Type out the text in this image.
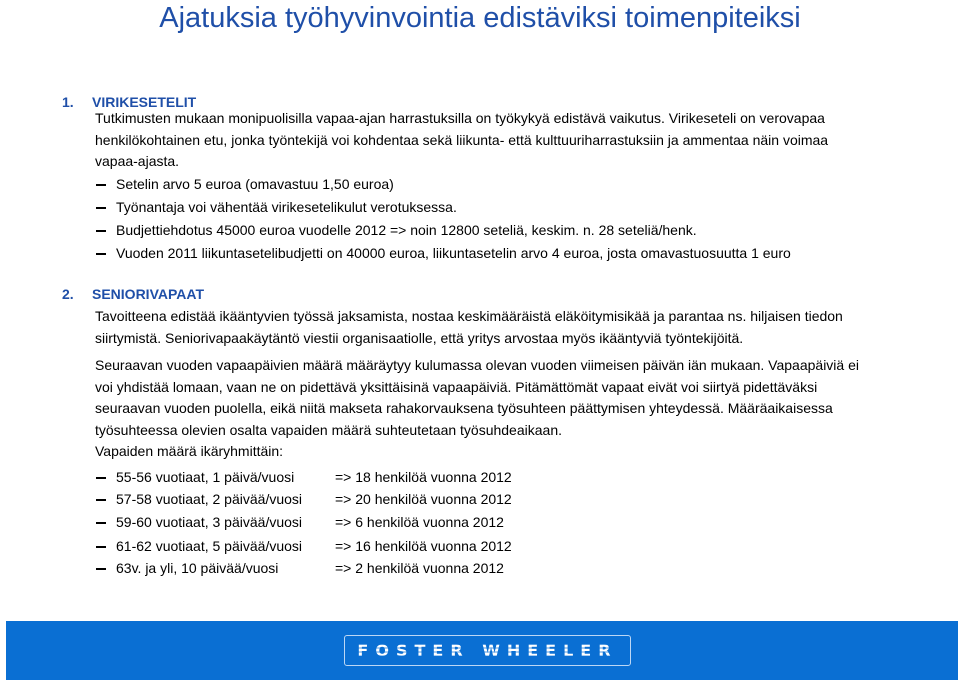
Ajatuksia työhyvinvointia edistäviksi toimenpiteiksi
1. VIRIKESETELIT
Tutkimusten mukaan monipuolisilla vapaa-ajan harrastuksilla on työkykyä edistävä vaikutus. Virikeseteli on verovapaa
henkilökohtainen etu, jonka työntekijä voi kohdentaa sekä liikunta- että kulttuuriharrastuksiin ja ammentaa näin voimaa
vapaa-ajasta.
Setelin arvo 5 euroa (omavastuu 1,50 euroa)
Työnantaja voi vähentää virikesetelikulut verotuksessa.
Budjettiehdotus 45000 euroa vuodelle 2012 => noin 12800 seteliä, keskim. n. 28 seteliä/henk.
Vuoden 2011 liikuntasetelibudjetti on 40000 euroa, liikuntasetelin arvo 4 euroa, josta omavastuosuutta 1 euro
2. SENIORIVAPAAT
Tavoitteena edistää ikääntyvien työssä jaksamista, nostaa keskimääräistä eläköitymisikää ja parantaa ns. hiljaisen tiedon
siirtymistä. Seniorivapaakäytäntö viestii organisaatiolle, että yritys arvostaa myös ikääntyviä työntekijöitä.
Seuraavan vuoden vapaapäivien määrä määräytyy kulumassa olevan vuoden viimeisen päivän iän mukaan. Vapaapäiviä ei
voi yhdistää lomaan, vaan ne on pidettävä yksittäisinä vapaapäiviä. Pitämättömät vapaat eivät voi siirtyä pidettäväksi
seuraavan vuoden puolella, eikä niitä makseta rahakorvauksena työsuhteen päättymisen yhteydessä. Määräaikaisessa
työsuhteessa olevien osalta vapaiden määrä suhteutetaan työsuhdeaikaan.
Vapaiden määrä ikäryhmittäin:
55-56 vuotiaat, 1 päivä/vuosi	=> 18 henkilöä vuonna 2012
57-58 vuotiaat, 2 päivää/vuosi => 20 henkilöä vuonna 2012
59-60 vuotiaat, 3 päivää/vuosi => 6 henkilöä vuonna 2012
61-62 vuotiaat, 5 päivää/vuosi => 16 henkilöä vuonna 2012
63v. ja yli, 10 päivää/vuosi	=> 2 henkilöä vuonna 2012
FOSTER WHEELER
